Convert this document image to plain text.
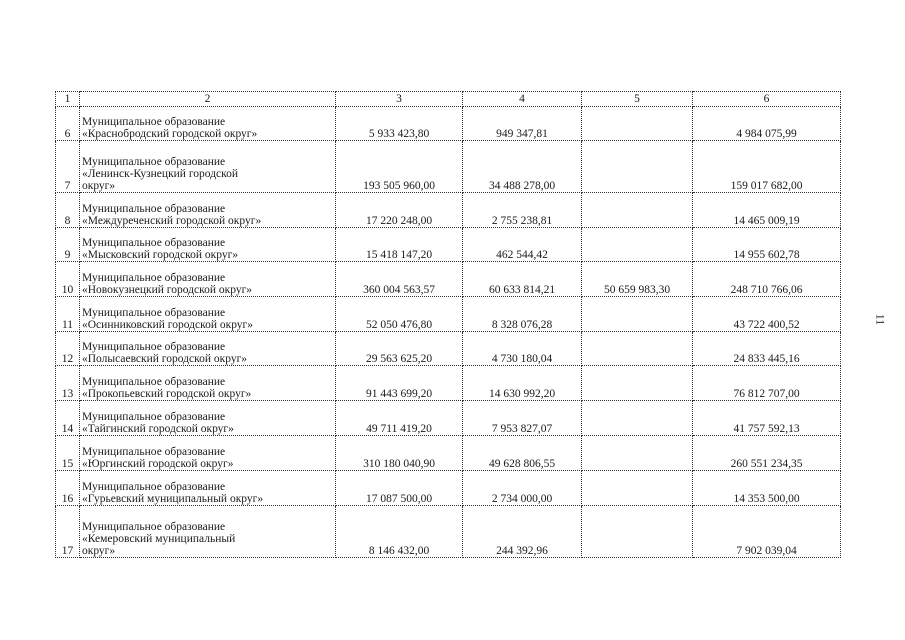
1	2	3	4	5	6
6	Муниципальное образование
«Краснобродский городской округ»	5 933 423,80	949 347,81		4 984 075,99
7	Муниципальное образование
«Ленинск-Кузнецкий городской
округ»	193 505 960,00	34 488 278,00		159 017 682,00
8	Муниципальное образование
«Междуреченский городской округ»	17 220 248,00	2 755 238,81		14 465 009,19
9	Муниципальное образование
«Мысковский городской округ»	15 418 147,20	462 544,42		14 955 602,78
10	Муниципальное образование
«Новокузнецкий городской округ»	360 004 563,57	60 633 814,21	50 659 983,30	248 710 766,06
11	Муниципальное образование
«Осинниковский городской округ»	52 050 476,80	8 328 076,28		43 722 400,52
12	Муниципальное образование
«Полысаевский городской округ»	29 563 625,20	4 730 180,04		24 833 445,16
13	Муниципальное образование
«Прокопьевский городской округ»	91 443 699,20	14 630 992,20		76 812 707,00
14	Муниципальное образование
«Тайгинский городской округ»	49 711 419,20	7 953 827,07		41 757 592,13
15	Муниципальное образование
«Юргинский городской округ»	310 180 040,90	49 628 806,55		260 551 234,35
16	Муниципальное образование
«Гурьевский муниципальный округ»	17 087 500,00	2 734 000,00		14 353 500,00
17	Муниципальное образование
«Кемеровский муниципальный
округ»	8 146 432,00	244 392,96		7 902 039,04
11
